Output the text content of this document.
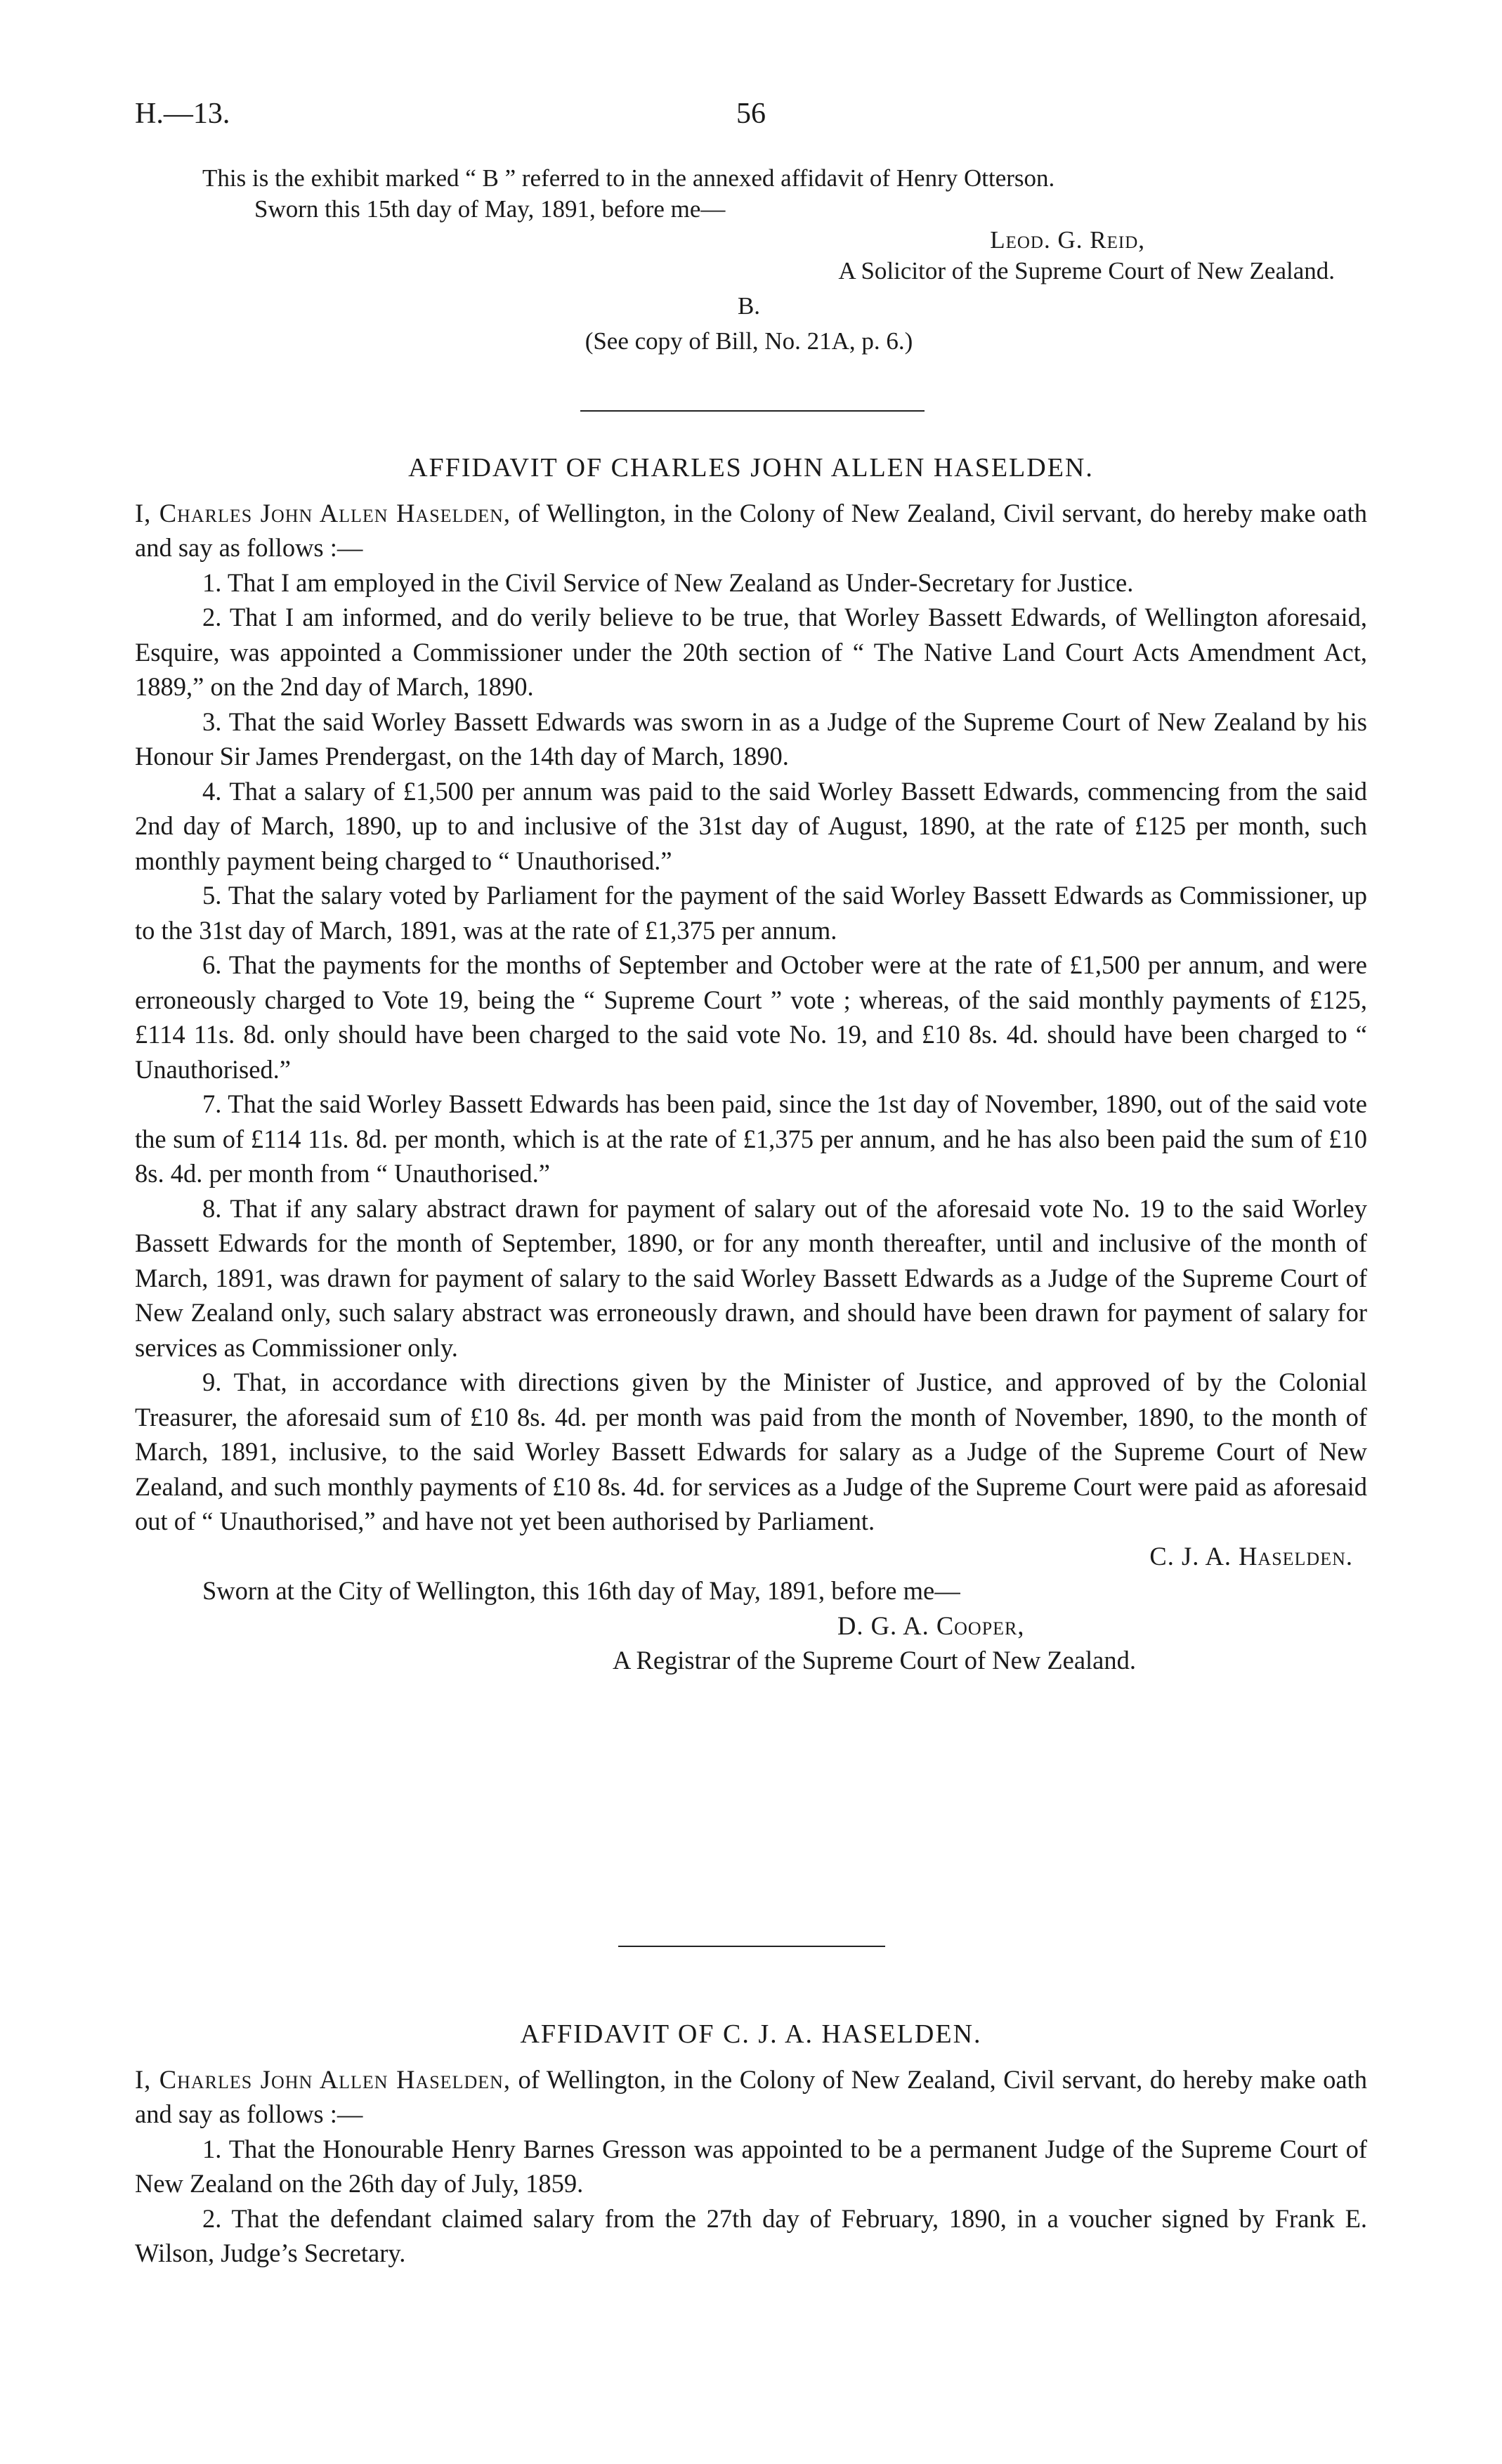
H.—13.	56
This is the exhibit marked “ B ” referred to in the annexed affidavit of Henry Otterson.
Sworn this 15th day of May, 1891, before me—
Leod. G. Reid,
A Solicitor of the Supreme Court of New Zealand.
B.
(See copy of Bill, No. 21A, p. 6.)
AFFIDAVIT OF CHARLES JOHN ALLEN HASELDEN.

I, Charles John Allen Haselden, of Wellington, in the Colony of New Zealand, Civil servant, do hereby make oath and say as follows :—

1. That I am employed in the Civil Service of New Zealand as Under-Secretary for Justice.

2. That I am informed, and do verily believe to be true, that Worley Bassett Edwards, of Wellington aforesaid, Esquire, was appointed a Commissioner under the 20th section of “ The Native Land Court Acts Amendment Act, 1889,” on the 2nd day of March, 1890.

3. That the said Worley Bassett Edwards was sworn in as a Judge of the Supreme Court of New Zealand by his Honour Sir James Prendergast, on the 14th day of March, 1890.

4. That a salary of £1,500 per annum was paid to the said Worley Bassett Edwards, commencing from the said 2nd day of March, 1890, up to and inclusive of the 31st day of August, 1890, at the rate of £125 per month, such monthly payment being charged to “ Unauthorised.”

5. That the salary voted by Parliament for the payment of the said Worley Bassett Edwards as Commissioner, up to the 31st day of March, 1891, was at the rate of £1,375 per annum.

6. That the payments for the months of September and October were at the rate of £1,500 per annum, and were erroneously charged to Vote 19, being the “ Supreme Court ” vote ; whereas, of the said monthly payments of £125, £114 11s. 8d. only should have been charged to the said vote No. 19, and £10 8s. 4d. should have been charged to “ Unauthorised.”

7. That the said Worley Bassett Edwards has been paid, since the 1st day of November, 1890, out of the said vote the sum of £114 11s. 8d. per month, which is at the rate of £1,375 per annum, and he has also been paid the sum of £10 8s. 4d. per month from “ Unauthorised.”

8. That if any salary abstract drawn for payment of salary out of the aforesaid vote No. 19 to the said Worley Bassett Edwards for the month of September, 1890, or for any month thereafter, until and inclusive of the month of March, 1891, was drawn for payment of salary to the said Worley Bassett Edwards as a Judge of the Supreme Court of New Zealand only, such salary abstract was erroneously drawn, and should have been drawn for payment of salary for services as Commissioner only.

9. That, in accordance with directions given by the Minister of Justice, and approved of by the Colonial Treasurer, the aforesaid sum of £10 8s. 4d. per month was paid from the month of November, 1890, to the month of March, 1891, inclusive, to the said Worley Bassett Edwards for salary as a Judge of the Supreme Court of New Zealand, and such monthly payments of £10 8s. 4d. for services as a Judge of the Supreme Court were paid as aforesaid out of “ Unauthorised,” and have not yet been authorised by Parliament.

C. J. A. Haselden.
Sworn at the City of Wellington, this 16th day of May, 1891, before me—
D. G. A. Cooper,
A Registrar of the Supreme Court of New Zealand.
AFFIDAVIT OF C. J. A. HASELDEN.

I, Charles John Allen Haselden, of Wellington, in the Colony of New Zealand, Civil servant, do hereby make oath and say as follows :—

1. That the Honourable Henry Barnes Gresson was appointed to be a permanent Judge of the Supreme Court of New Zealand on the 26th day of July, 1859.

2. That the defendant claimed salary from the 27th day of February, 1890, in a voucher signed by Frank E. Wilson, Judge’s Secretary.
